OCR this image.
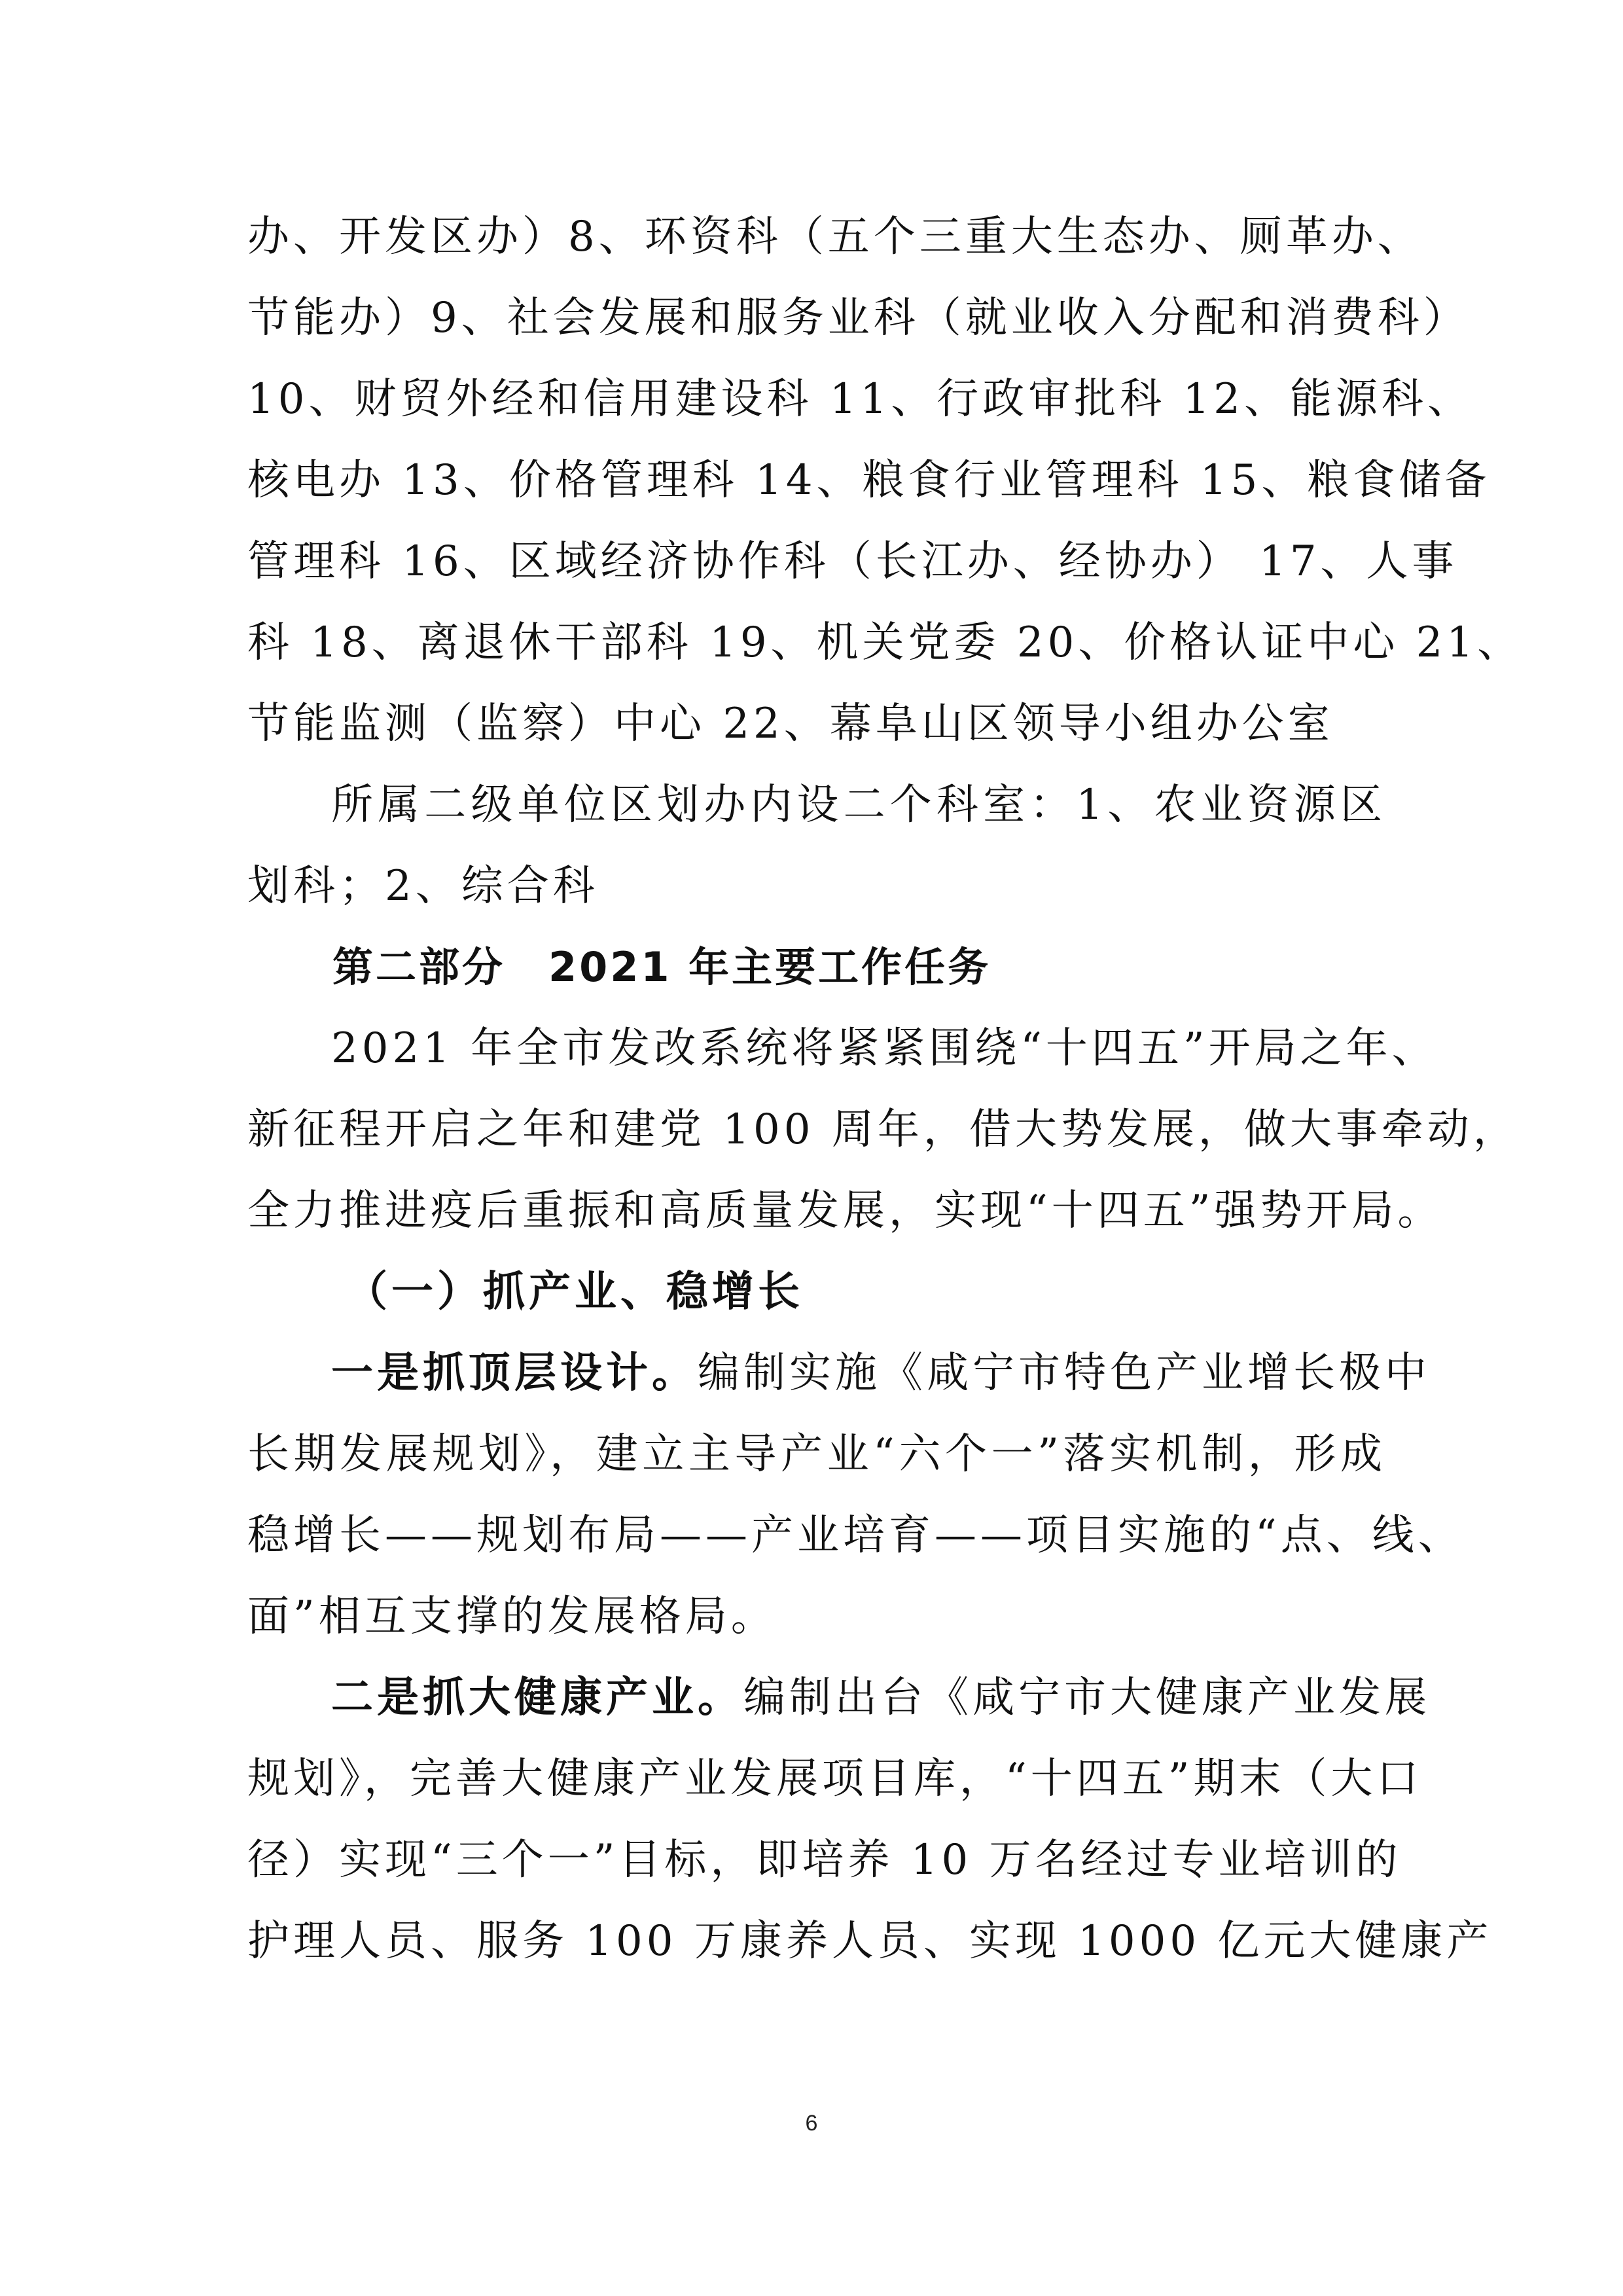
办、开发区办）8、环资科（五个三重大生态办、厕革办、
节能办）9、社会发展和服务业科（就业收入分配和消费科）
10、财贸外经和信用建设科 11、行政审批科 12、能源科、
核电办 13、价格管理科 14、粮食行业管理科 15、粮食储备
管理科 16、区域经济协作科（长江办、经协办） 17、人事
科 18、离退休干部科 19、机关党委 20、价格认证中心 21、
节能监测（监察）中心 22、幕阜山区领导小组办公室
所属二级单位区划办内设二个科室：1、农业资源区
划科；2、综合科
第二部分　2021 年主要工作任务
2021 年全市发改系统将紧紧围绕“十四五”开局之年、
新征程开启之年和建党 100 周年，借大势发展，做大事牵动，
全力推进疫后重振和高质量发展，实现“十四五”强势开局。
（一）抓产业、稳增长
一是抓顶层设计。编制实施《咸宁市特色产业增长极中
长期发展规划》，建立主导产业“六个一”落实机制，形成
稳增长——规划布局——产业培育——项目实施的“点、线、
面”相互支撑的发展格局。
二是抓大健康产业。编制出台《咸宁市大健康产业发展
规划》，完善大健康产业发展项目库，“十四五”期末（大口
径）实现“三个一”目标，即培养 10 万名经过专业培训的
护理人员、服务 100 万康养人员、实现 1000 亿元大健康产
6
